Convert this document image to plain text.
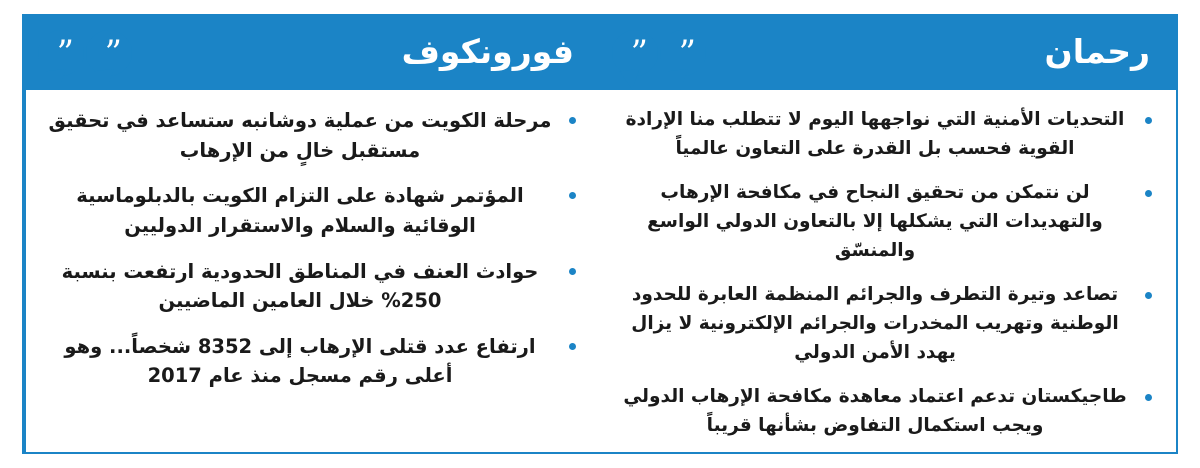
” ”	رحمان
التحديات الأمنية التي نواجهها اليوم لا تتطلب منا الإرادة القوية فحسب بل القدرة على التعاون عالمياً
لن نتمكن من تحقيق النجاح في مكافحة الإرهاب والتهديدات التي يشكلها إلا بالتعاون الدولي الواسع والمنسّق
تصاعد وتيرة التطرف والجرائم المنظمة العابرة للحدود الوطنية وتهريب المخدرات والجرائم الإلكترونية لا يزال يهدد الأمن الدولي
طاجيكستان تدعم اعتماد معاهدة مكافحة الإرهاب الدولي ويجب استكمال التفاوض بشأنها قريباً
” ”	فورونكوف
مرحلة الكويت من عملية دوشانبه ستساعد في تحقيق مستقبل خالٍ من الإرهاب
المؤتمر شهادة على التزام الكويت بالدبلوماسية الوقائية والسلام والاستقرار الدوليين
حوادث العنف في المناطق الحدودية ارتفعت بنسبة 250% خلال العامين الماضيين
ارتفاع عدد قتلى الإرهاب إلى 8352 شخصاً... وهو أعلى رقم مسجل منذ عام 2017
